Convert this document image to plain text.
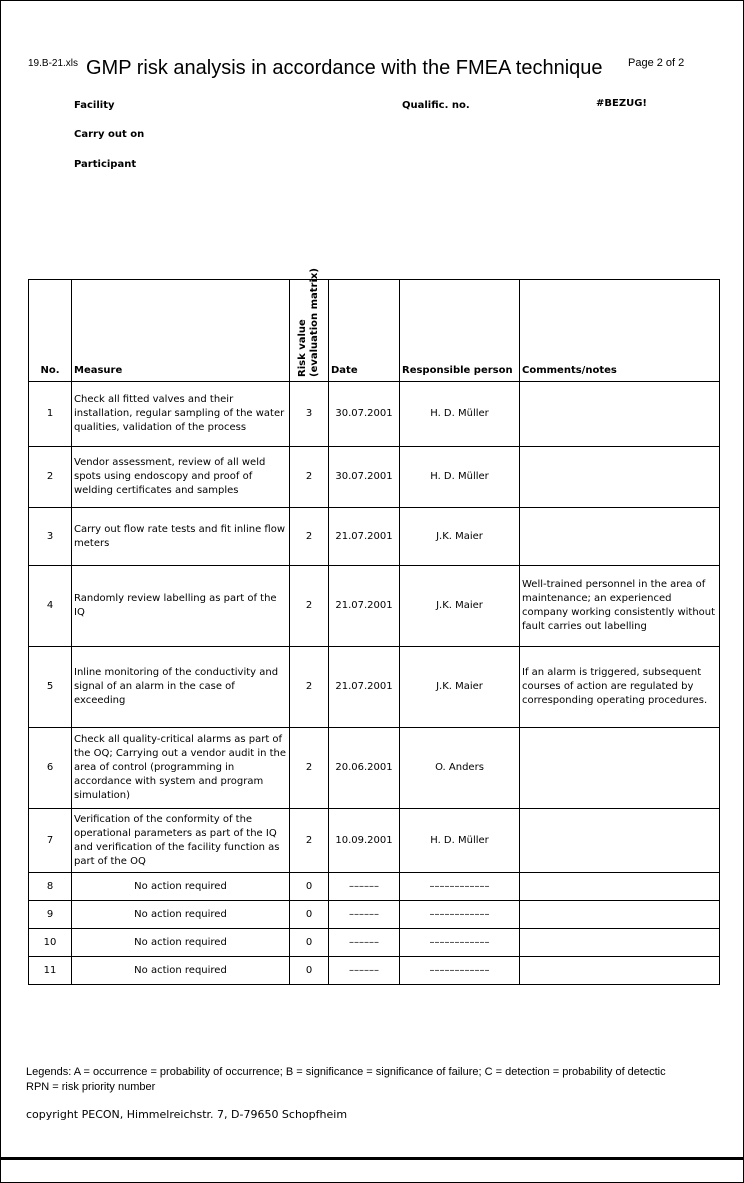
19.B-21.xls GMP risk analysis in accordance with the FMEA technique Page 2 of 2
Facility	Qualific. no.	#BEZUG!
Carry out on
Participant
No.	Measure	Risk value (evaluation matrix)	Date	Responsible person	Comments/notes
1	Check all fitted valves and their installation, regular sampling of the water qualities, validation of the process	3	30.07.2001	H. D. Müller	
2	Vendor assessment, review of all weld spots using endoscopy and proof of welding certificates and samples	2	30.07.2001	H. D. Müller	
3	Carry out flow rate tests and fit inline flow meters	2	21.07.2001	J.K. Maier	
4	Randomly review labelling as part of the IQ	2	21.07.2001	J.K. Maier	Well-trained personnel in the area of maintenance; an experienced company working consistently without fault carries out labelling
5	Inline monitoring of the conductivity and signal of an alarm in the case of exceeding	2	21.07.2001	J.K. Maier	If an alarm is triggered, subsequent courses of action are regulated by corresponding operating procedures.
6	Check all quality-critical alarms as part of the OQ; Carrying out a vendor audit in the area of control (programming in accordance with system and program simulation)	2	20.06.2001	O. Anders	
7	Verification of the conformity of the operational parameters as part of the IQ and verification of the facility function as part of the OQ	2	10.09.2001	H. D. Müller	
8	No action required	0	––––––	––––––––––––	
9	No action required	0	––––––	––––––––––––	
10	No action required	0	––––––	––––––––––––	
11	No action required	0	––––––	––––––––––––	
Legends: A = occurrence = probability of occurrence; B = significance = significance of failure; C = detection = probability of detectic
RPN = risk priority number
copyright PECON, Himmelreichstr. 7, D-79650 Schopfheim
